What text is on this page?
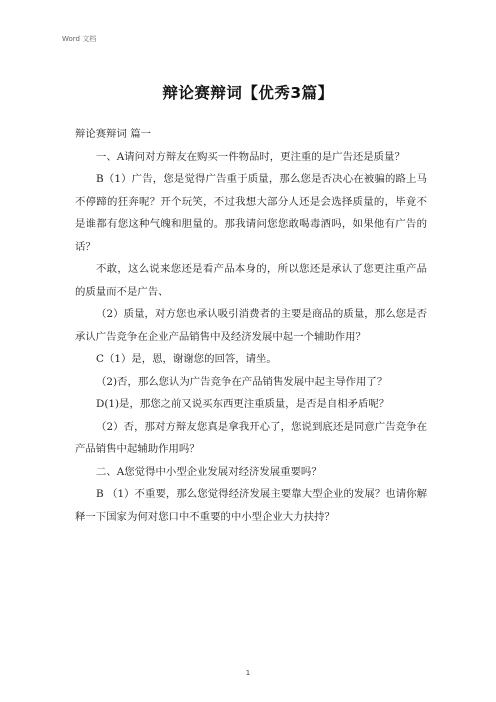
Word 文档
辩论赛辩词【优秀3篇】

辩论赛辩词 篇一

一、A请问对方辩友在购买一件物品时，更注重的是广告还是质量？

B（1）广告，您是觉得广告重于质量，那么您是否决心在被骗的路上马不停蹄的狂奔呢？开个玩笑，不过我想大部分人还是会选择质量的，毕竟不是谁都有您这种气魄和胆量的。那我请问您您敢喝毒酒吗，如果他有广告的话？

不敢，这么说来您还是看产品本身的，所以您还是承认了您更注重产品的质量而不是广告、

（2）质量，对方您也承认吸引消费者的主要是商品的质量，那么您是否承认广告竞争在企业产品销售中及经济发展中起一个辅助作用？

C（1）是，恩，谢谢您的回答，请坐。

（2)否，那么您认为广告竞争在产品销售发展中起主导作用了？

D(1)是，那您之前又说买东西更注重质量，是否是自相矛盾呢？

（2）否，那对方辩友您真是拿我开心了，您说到底还是同意广告竞争在产品销售中起辅助作用吗？

二、A您觉得中小型企业发展对经济发展重要吗？

B （1）不重要，那么您觉得经济发展主要靠大型企业的发展？也请你解释一下国家为何对您口中不重要的中小型企业大力扶持？

1
